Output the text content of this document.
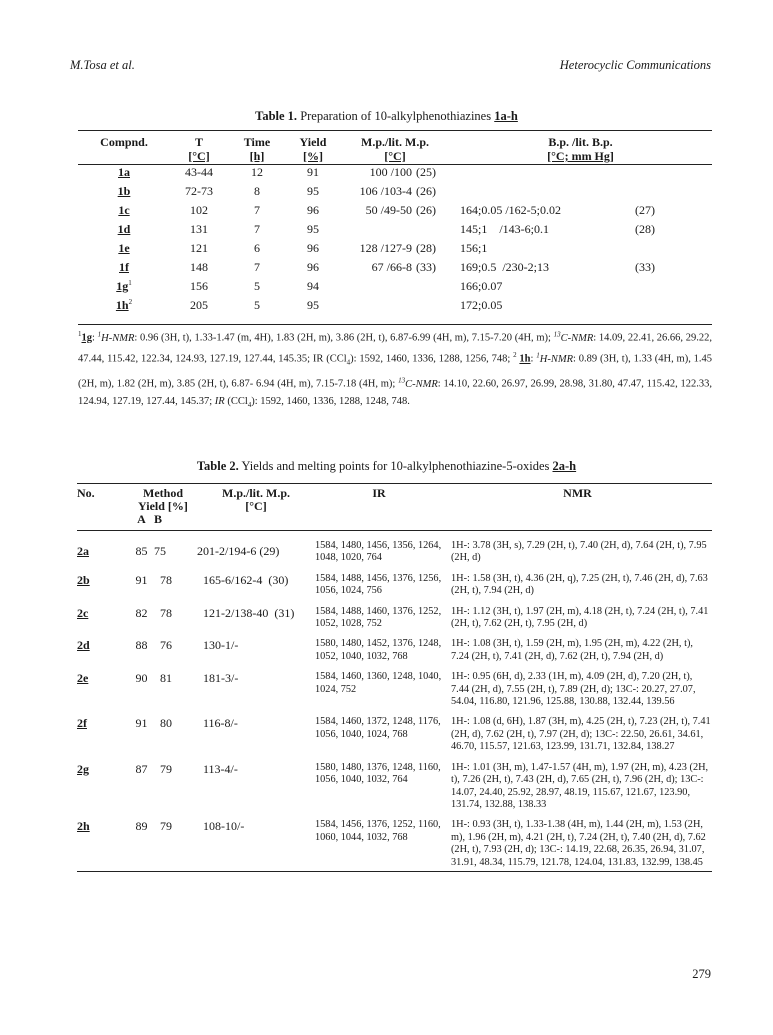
M.Tosa et al.	Heterocyclic Communications
Table 1. Preparation of 10-alkylphenothiazines 1a-h
Compnd.	T	Time	Yield	M.p./lit. M.p.		B.p. /lit. B.p.	
	[°C]	[h]	[%]	[°C]		[°C; mm Hg]	
1a	43-44	12	91	100 /100	(25)		
1b	72-73	8	95	106 /103-4	(26)		
1c	102	7	96	50 /49-50	(26)	164;0.05 /162-5;0.02	(27)
1d	131	7	95			145;1    /143-6;0.1	(28)
1e	121	6	96	128 /127-9	(28)	156;1	
1f	148	7	96	67 /66-8	(33)	169;0.5  /230-2;13	(33)
$1g^1$	156	5	94			166;0.07	
$1h^2$	205	5	95			172;0.05	
$^1$1g: $^1$H-NMR: 0.96 (3H, t), 1.33-1.47 (m, 4H), 1.83 (2H, m), 3.86 (2H, t), 6.87-6.99 (4H, m), 7.15-7.20 (4H, m); $^{13}$C-NMR: 14.09, 22.41, 26.66, 29.22, 47.44, 115.42, 122.34, 124.93, 127.19, 127.44, 145.35; IR (CCl$_4$): 1592, 1460, 1336, 1288, 1256, 748; $^2$ 1h: $^1$H-NMR: 0.89 (3H, t), 1.33 (4H, m), 1.45 (2H, m), 1.82 (2H, m), 3.85 (2H, t), 6.87- 6.94 (4H, m), 7.15-7.18 (4H, m); $^{13}$C-NMR: 14.10, 22.60, 26.97, 26.99, 28.98, 31.80, 47.47, 115.42, 122.33, 124.94, 127.19, 127.44, 145.37; IR (CCl$_4$): 1592, 1460, 1336, 1288, 1248, 748.
Table 2. Yields and melting points for 10-alkylphenothiazine-5-oxides 2a-h
No.	Method		M.p./lit. M.p.	IR	NMR
	Yield [%]		[°C]		
	A	B			
2a	85	75	201-2/194-6 (29)	1584, 1480, 1456, 1356, 1264, 1048, 1020, 764	1H-: 3.78 (3H, s), 7.29 (2H, t), 7.40 (2H, d), 7.64 (2H, t), 7.95 (2H, d)
2b	91	78	165-6/162-4  (30)	1584, 1488, 1456, 1376, 1256, 1056, 1024, 756	1H-: 1.58 (3H, t), 4.36 (2H, q), 7.25 (2H, t), 7.46 (2H, d), 7.63 (2H, t), 7.94 (2H, d)
2c	82	78	121-2/138-40  (31)	1584, 1488, 1460, 1376, 1252, 1052, 1028, 752	1H-: 1.12 (3H, t), 1.97 (2H, m), 4.18 (2H, t), 7.24 (2H, t), 7.41 (2H, t), 7.62 (2H, t), 7.95 (2H, d)
2d	88	76	130-1/-	1580, 1480, 1452, 1376, 1248, 1052, 1040, 1032, 768	1H-: 1.08 (3H, t), 1.59 (2H, m), 1.95 (2H, m), 4.22 (2H, t), 7.24 (2H, t), 7.41 (2H, d), 7.62 (2H, t), 7.94 (2H, d)
2e	90	81	181-3/-	1584, 1460, 1360, 1248, 1040, 1024, 752	1H-: 0.95 (6H, d), 2.33 (1H, m), 4.09 (2H, d), 7.20 (2H, t), 7.44 (2H, d), 7.55 (2H, t), 7.89 (2H, d); 13C-: 20.27, 27.07, 54.04, 116.80, 121.96, 125.88, 130.88, 132.44, 139.56
2f	91	80	116-8/-	1584, 1460, 1372, 1248, 1176, 1056, 1040, 1024, 768	1H-: 1.08 (d, 6H), 1.87 (3H, m), 4.25 (2H, t), 7.23 (2H, t), 7.41 (2H, d), 7.62 (2H, t), 7.97 (2H, d); 13C-: 22.50, 26.61, 34.61, 46.70, 115.57, 121.63, 123.99, 131.71, 132.84, 138.27
2g	87	79	113-4/-	1580, 1480, 1376, 1248, 1160, 1056, 1040, 1032, 764	1H-: 1.01 (3H, m), 1.47-1.57 (4H, m), 1.97 (2H, m), 4.23 (2H, t), 7.26 (2H, t), 7.43 (2H, d), 7.65 (2H, t), 7.96 (2H, d); 13C-: 14.07, 24.40, 25.92, 28.97, 48.19, 115.67, 121.67, 123.90, 131.74, 132.88, 138.33
2h	89	79	108-10/-	1584, 1456, 1376, 1252, 1160, 1060, 1044, 1032, 768	1H-: 0.93 (3H, t), 1.33-1.38 (4H, m), 1.44 (2H, m), 1.53 (2H, m), 1.96 (2H, m), 4.21 (2H, t), 7.24 (2H, t), 7.40 (2H, d), 7.62 (2H, t), 7.93 (2H, d); 13C-: 14.19, 22.68, 26.35, 26.94, 31.07, 31.91, 48.34, 115.79, 121.78, 124.04, 131.83, 132.99, 138.45
279
